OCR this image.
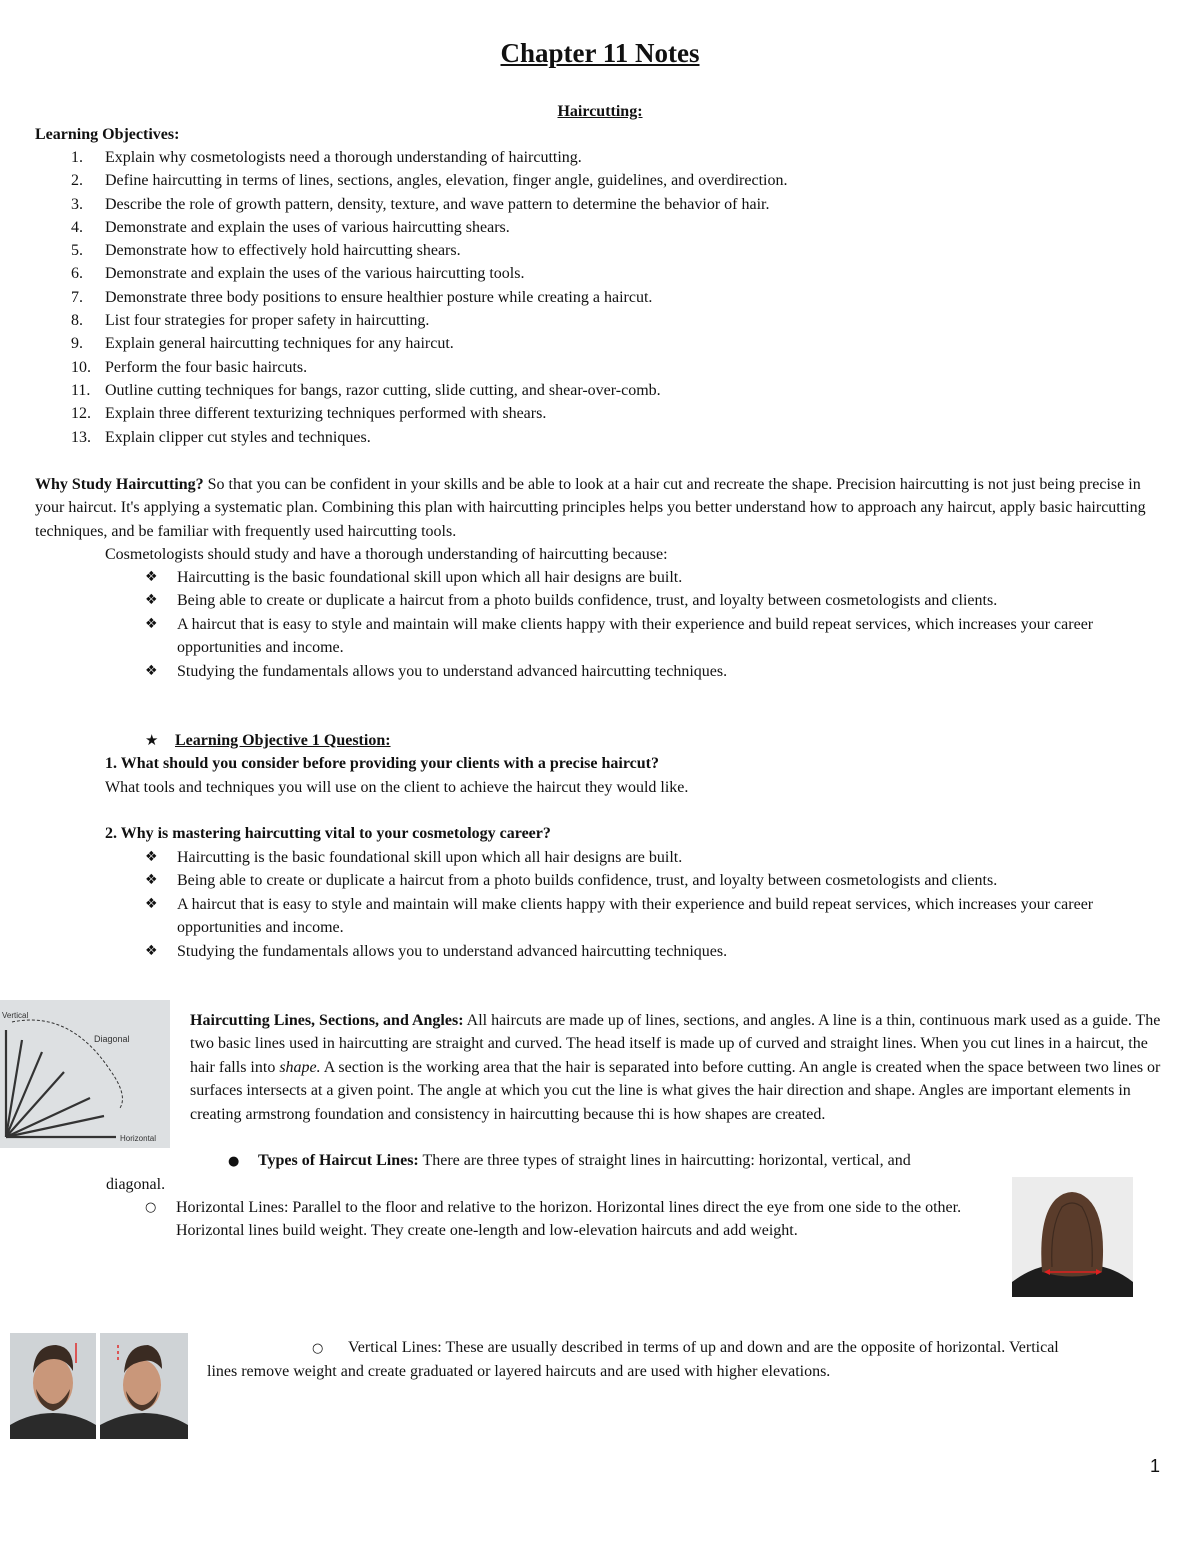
Chapter 11 Notes
Haircutting:
Learning Objectives:
1.	Explain why cosmetologists need a thorough understanding of haircutting.
2.	Define haircutting in terms of lines, sections, angles, elevation, finger angle, guidelines, and overdirection.
3.	Describe the role of growth pattern, density, texture, and wave pattern to determine the behavior of hair.
4.	Demonstrate and explain the uses of various haircutting shears.
5.	Demonstrate how to effectively hold haircutting shears.
6.	Demonstrate and explain the uses of the various haircutting tools.
7.	Demonstrate three body positions to ensure healthier posture while creating a haircut.
8.	List four strategies for proper safety in haircutting.
9.	Explain general haircutting techniques for any haircut.
10. Perform the four basic haircuts.
11. Outline cutting techniques for bangs, razor cutting, slide cutting, and shear-over-comb.
12. Explain three different texturizing techniques performed with shears.
13. Explain clipper cut styles and techniques.
Why Study Haircutting? So that you can be confident in your skills and be able to look at a hair cut and recreate the shape. Precision haircutting is not just being precise in your haircut. It's applying a systematic plan. Combining this plan with haircutting principles helps you better understand how to approach any haircut, apply basic haircutting techniques, and be familiar with frequently used haircutting tools.
Cosmetologists should study and have a thorough understanding of haircutting because:
❖	Haircutting is the basic foundational skill upon which all hair designs are built.
❖	Being able to create or duplicate a haircut from a photo builds confidence, trust, and loyalty between cosmetologists and clients.
❖	A haircut that is easy to style and maintain will make clients happy with their experience and build repeat services, which increases your career opportunities and income.
❖	Studying the fundamentals allows you to understand advanced haircutting techniques.
★ Learning Objective 1 Question:
1. What should you consider before providing your clients with a precise haircut?
What tools and techniques you will use on the client to achieve the haircut they would like.
2. Why is mastering haircutting vital to your cosmetology career?
❖	Haircutting is the basic foundational skill upon which all hair designs are built.
❖	Being able to create or duplicate a haircut from a photo builds confidence, trust, and loyalty between cosmetologists and clients.
❖	A haircut that is easy to style and maintain will make clients happy with their experience and build repeat services, which increases your career opportunities and income.
❖	Studying the fundamentals allows you to understand advanced haircutting techniques.
Vertical
Diagonal
Horizontal
Haircutting Lines, Sections, and Angles: All haircuts are made up of lines, sections, and angles. A line is a thin, continuous mark used as a guide. The two basic lines used in haircutting are straight and curved. The head itself is made up of curved and straight lines. When you cut lines in a haircut, the hair falls into shape. A section is the working area that the hair is separated into before cutting. An angle is created when the space between two lines or surfaces intersects at a given point. The angle at which you cut the line is what gives the hair direction and shape. Angles are important elements in creating armstrong foundation and consistency in haircutting because thi is how shapes are created.
● Types of Haircut Lines: There are three types of straight lines in haircutting: horizontal, vertical, and
diagonal.
○ Horizontal Lines: Parallel to the floor and relative to the horizon. Horizontal lines direct the eye from one side to the other. Horizontal lines build weight. They create one-length and low-elevation haircuts and add weight.
○ Vertical Lines: These are usually described in terms of up and down and are the opposite of horizontal. Vertical
lines remove weight and create graduated or layered haircuts and are used with higher elevations.
1
